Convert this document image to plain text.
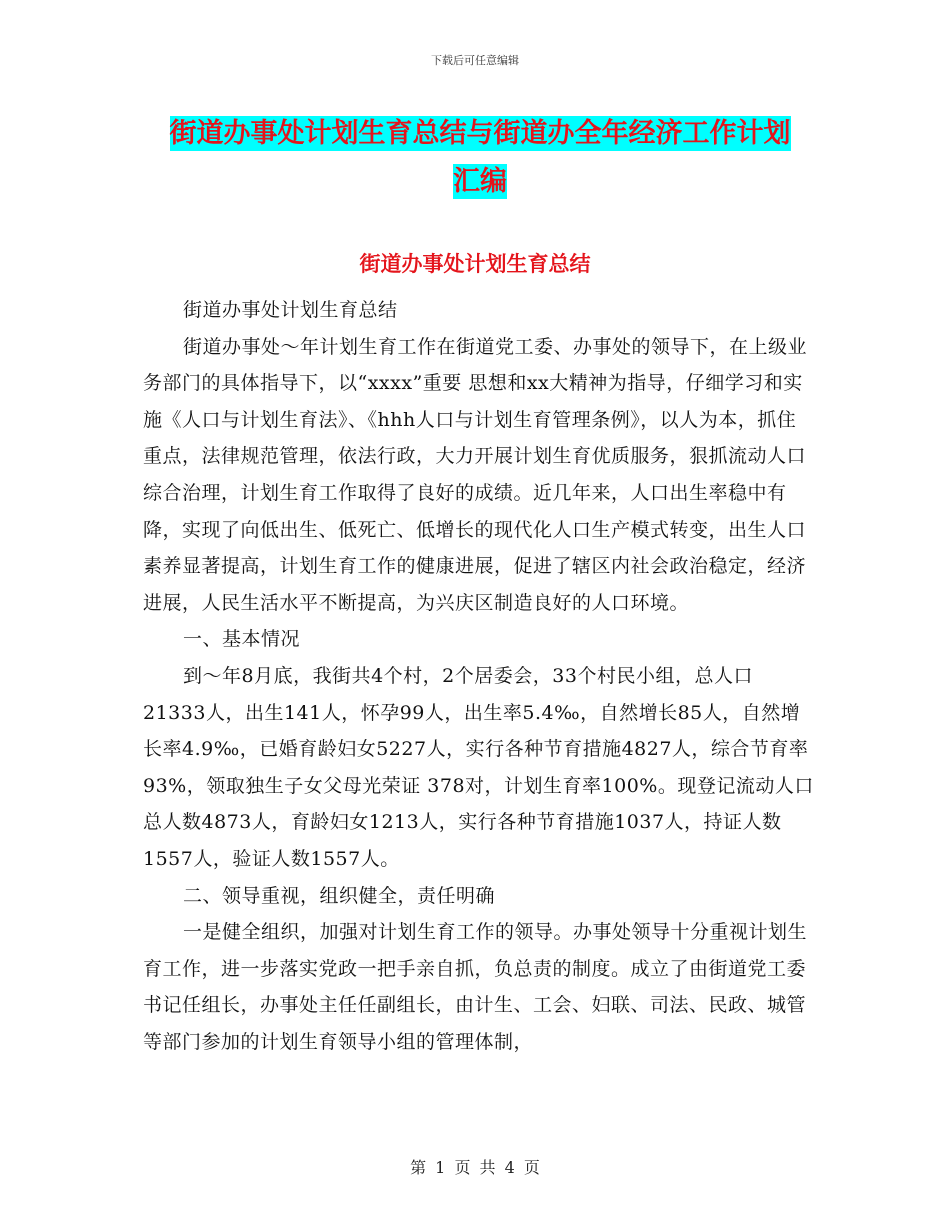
下载后可任意编辑
街道办事处计划生育总结与街道办全年经济工作计划
汇编
街道办事处计划生育总结

街道办事处计划生育总结

街道办事处～年计划生育工作在街道党工委、办事处的领导下，在上级业务部门的具体指导下，以“xxxx”重要 思想和xx大精神为指导，仔细学习和实施《人口与计划生育法》、《hhh人口与计划生育管理条例》，以人为本，抓住重点，法律规范管理，依法行政，大力开展计划生育优质服务，狠抓流动人口综合治理，计划生育工作取得了良好的成绩。近几年来，人口出生率稳中有降，实现了向低出生、低死亡、低增长的现代化人口生产模式转变，出生人口素养显著提高，计划生育工作的健康进展，促进了辖区内社会政治稳定，经济进展，人民生活水平不断提高，为兴庆区制造良好的人口环境。

一、基本情况

到～年8月底，我街共4个村，2个居委会，33个村民小组，总人口21333人，出生141人，怀孕99人，出生率5.4‰，自然增长85人，自然增长率4.9‰，已婚育龄妇女5227人，实行各种节育措施4827人，综合节育率93%，领取独生子女父母光荣证 378对，计划生育率100%。现登记流动人口总人数4873人，育龄妇女1213人，实行各种节育措施1037人，持证人数1557人，验证人数1557人。

二、领导重视，组织健全，责任明确

一是健全组织，加强对计划生育工作的领导。办事处领导十分重视计划生育工作，进一步落实党政一把手亲自抓，负总责的制度。成立了由街道党工委书记任组长，办事处主任任副组长，由计生、工会、妇联、司法、民政、城管等部门参加的计划生育领导小组的管理体制，

第 1 页 共 4 页
